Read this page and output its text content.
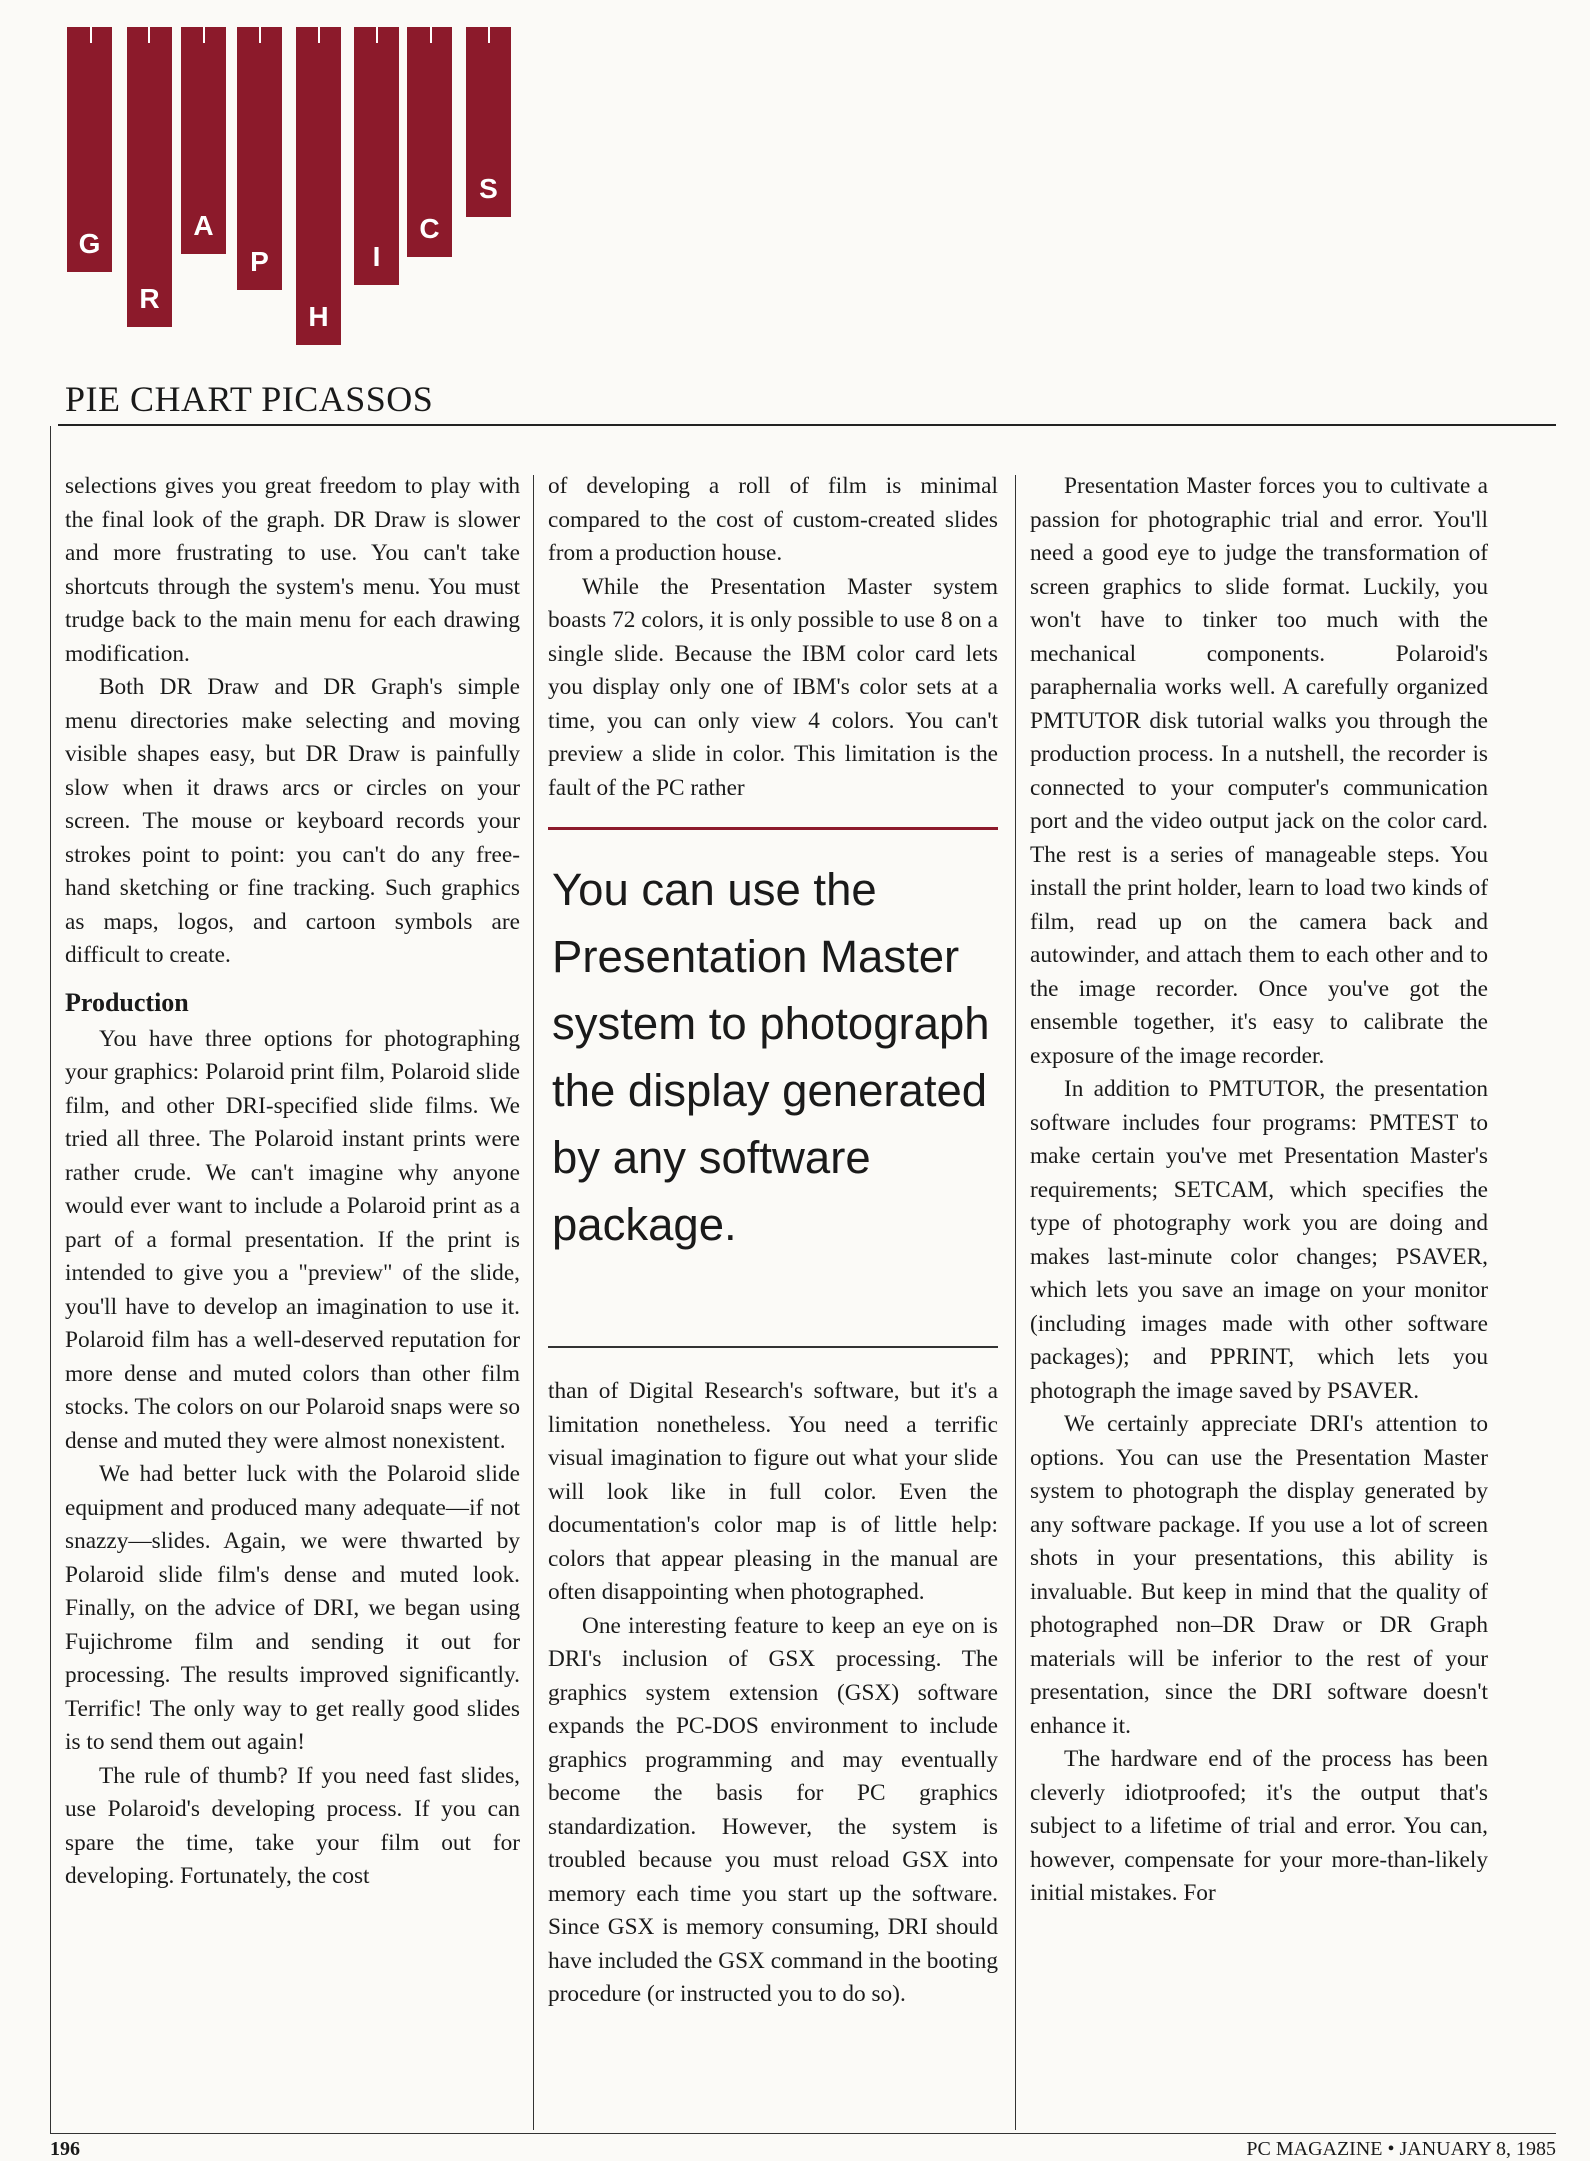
G
R
A
P
H
I
C
S
PIE CHART PICASSOS

selections gives you great freedom to play with the final look of the graph. DR Draw is slower and more frustrating to use. You can't take shortcuts through the system's menu. You must trudge back to the main menu for each drawing modification.

Both DR Draw and DR Graph's simple menu directories make selecting and moving visible shapes easy, but DR Draw is painfully slow when it draws arcs or circles on your screen. The mouse or keyboard records your strokes point to point: you can't do any free-hand sketching or fine tracking. Such graphics as maps, logos, and cartoon symbols are difficult to create.

Production

You have three options for photographing your graphics: Polaroid print film, Polaroid slide film, and other DRI-specified slide films. We tried all three. The Polaroid instant prints were rather crude. We can't imagine why anyone would ever want to include a Polaroid print as a part of a formal presentation. If the print is intended to give you a "preview" of the slide, you'll have to develop an imagination to use it. Polaroid film has a well-deserved reputation for more dense and muted colors than other film stocks. The colors on our Polaroid snaps were so dense and muted they were almost nonexistent.

We had better luck with the Polaroid slide equipment and produced many adequate—if not snazzy—slides. Again, we were thwarted by Polaroid slide film's dense and muted look. Finally, on the advice of DRI, we began using Fujichrome film and sending it out for processing. The results improved significantly. Terrific! The only way to get really good slides is to send them out again!

The rule of thumb? If you need fast slides, use Polaroid's developing process. If you can spare the time, take your film out for developing. Fortunately, the cost

of developing a roll of film is minimal compared to the cost of custom-created slides from a production house.

While the Presentation Master system boasts 72 colors, it is only possible to use 8 on a single slide. Because the IBM color card lets you display only one of IBM's color sets at a time, you can only view 4 colors. You can't preview a slide in color. This limitation is the fault of the PC rather

You can use the Presentation Master system to photograph the display generated by any software package.

than of Digital Research's software, but it's a limitation nonetheless. You need a terrific visual imagination to figure out what your slide will look like in full color. Even the documentation's color map is of little help: colors that appear pleasing in the manual are often disappointing when photographed.

One interesting feature to keep an eye on is DRI's inclusion of GSX processing. The graphics system extension (GSX) software expands the PC-DOS environment to include graphics programming and may eventually become the basis for PC graphics standardization. However, the system is troubled because you must reload GSX into memory each time you start up the software. Since GSX is memory consuming, DRI should have included the GSX command in the booting procedure (or instructed you to do so).

Presentation Master forces you to cultivate a passion for photographic trial and error. You'll need a good eye to judge the transformation of screen graphics to slide format. Luckily, you won't have to tinker too much with the mechanical components. Polaroid's paraphernalia works well. A carefully organized PMTUTOR disk tutorial walks you through the production process. In a nutshell, the recorder is connected to your computer's communication port and the video output jack on the color card. The rest is a series of manageable steps. You install the print holder, learn to load two kinds of film, read up on the camera back and autowinder, and attach them to each other and to the image recorder. Once you've got the ensemble together, it's easy to calibrate the exposure of the image recorder.

In addition to PMTUTOR, the presentation software includes four programs: PMTEST to make certain you've met Presentation Master's requirements; SETCAM, which specifies the type of photography work you are doing and makes last-minute color changes; PSAVER, which lets you save an image on your monitor (including images made with other software packages); and PPRINT, which lets you photograph the image saved by PSAVER.

We certainly appreciate DRI's attention to options. You can use the Presentation Master system to photograph the display generated by any software package. If you use a lot of screen shots in your presentations, this ability is invaluable. But keep in mind that the quality of photographed non–DR Draw or DR Graph materials will be inferior to the rest of your presentation, since the DRI software doesn't enhance it.

The hardware end of the process has been cleverly idiotproofed; it's the output that's subject to a lifetime of trial and error. You can, however, compensate for your more-than-likely initial mistakes. For

196	PC MAGAZINE • JANUARY 8, 1985
